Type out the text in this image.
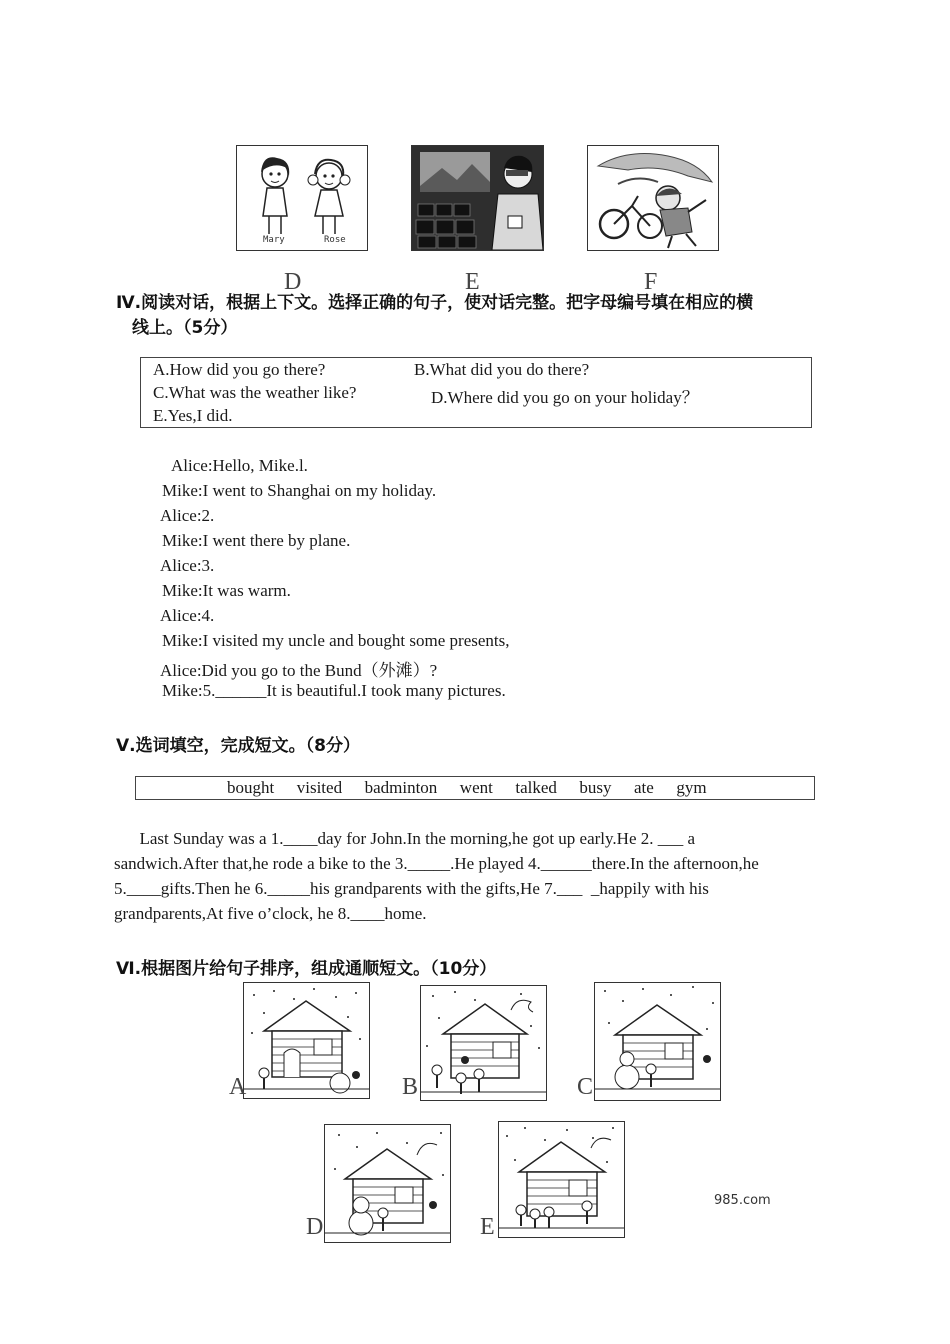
Mary	Rose
D	E	F
Ⅳ.阅读对话，根据上下文。选择正确的句子，使对话完整。把字母编号填在相应的横
线上。（5分）
A.How did you go there?	B.What did you do there?
C.What was the weather like?	D.Where did you go on your holiday？
E.Yes,I did.
Alice:Hello, Mike.l.
Mike:I went to Shanghai on my holiday.
Alice:2.
Mike:I went there by plane.
Alice:3.
Mike:It was warm.
Alice:4.
Mike:I visited my uncle and bought some presents,
Alice:Did you go to the Bund（外滩）?
Mike:5.______It is beautiful.I took many pictures.
Ⅴ.选词填空，完成短文。（8分）
bought visited badminton went talked busy ate gym
Last Sunday was a 1.____day for John.In the morning,he got up early.He 2. ___ a
sandwich.After that,he rode a bike to the 3._____.He played 4.______there.In the afternoon,he
5.____gifts.Then he 6._____his grandparents with the gifts,He 7.___  _happily with his
grandparents,At five o’clock, he 8.____home.
Ⅵ.根据图片给句子排序，组成通顺短文。（10分）
A	B	C
D	E
小学、初	985.com
